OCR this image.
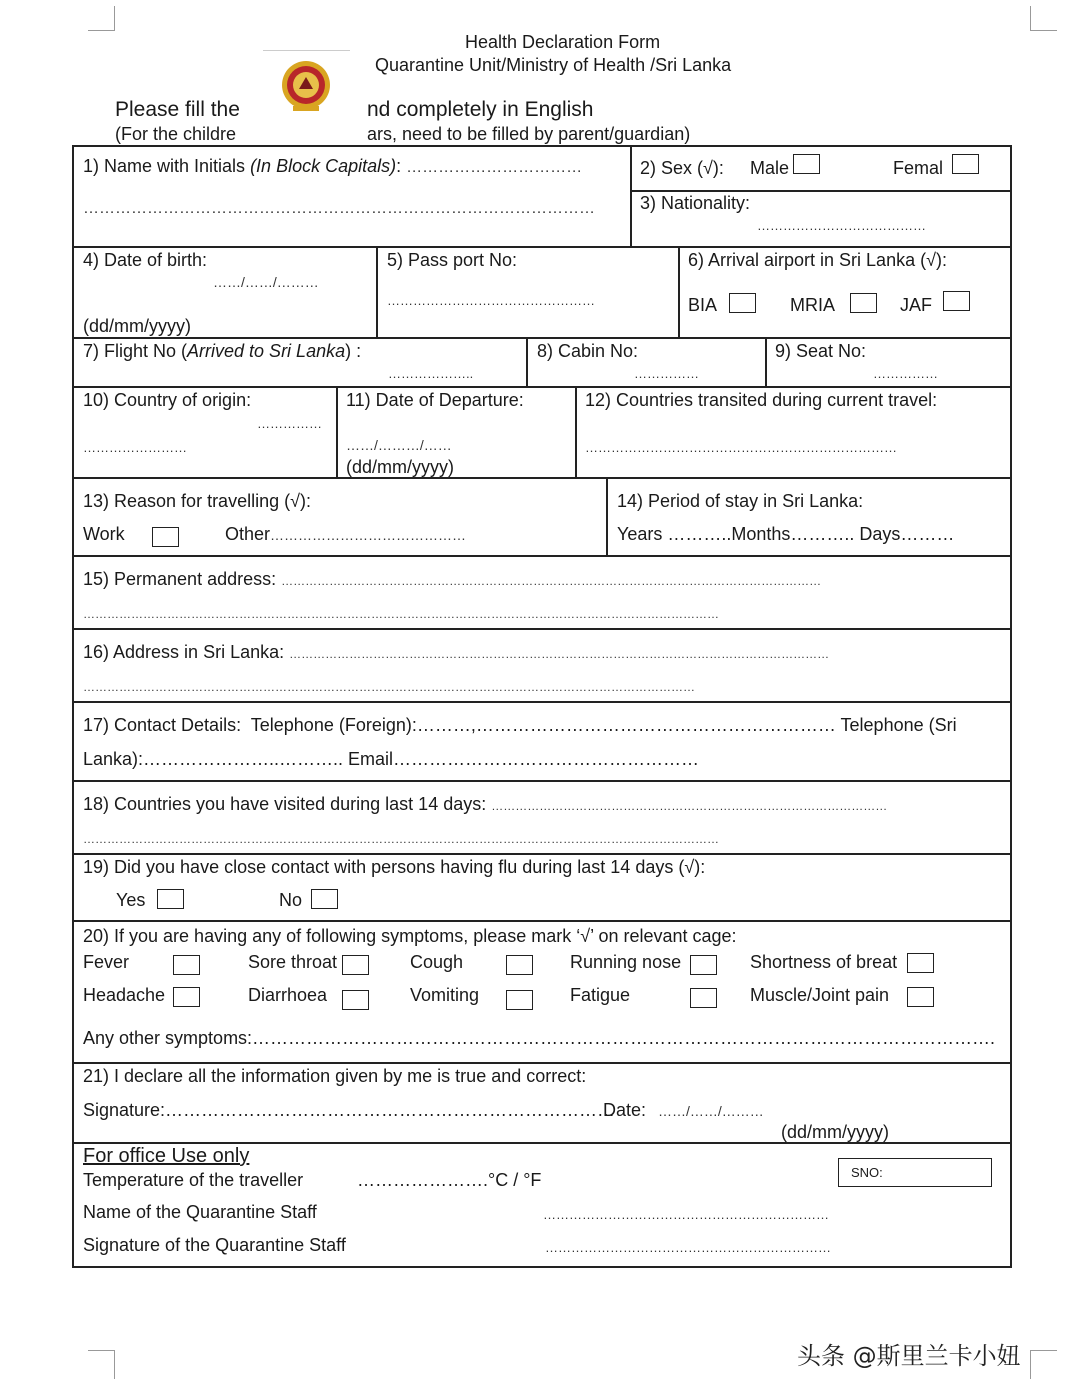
Health Declaration Form
Quarantine Unit/Ministry of Health /Sri Lanka
Please fill the	nd completely in English
(For the childre	ars, need to be filled by parent/guardian)
1) Name with Initials (In Block Capitals): ……………………………
……………………………………………………………………………………
2) Sex (√): Male	Femal
3) Nationality:
…………………………………
4) Date of birth:
……/……/………
(dd/mm/yyyy)
5) Pass port No:
…………………………………………
6) Arrival airport in Sri Lanka (√):
BIA	MRIA	JAF
7) Flight No (Arrived to Sri Lanka) :
………………..
8) Cabin No:
……………
9) Seat No:
……………
10) Country of origin:
……………
……………………
11) Date of Departure:
……/………/……
(dd/mm/yyyy)
12) Countries transited during current travel:
………………………………………………………………
13) Reason for travelling (√):
Work	Other……………………………………
14) Period of stay in Sri Lanka:
Years ………..Months……….. Days………
15) Permanent address: ………………………………………………………………………………………………………………………
……………………………………………………………………………………………………………………………………………
16) Address in Sri Lanka: ………………………………………………………………………………………………………………………
………………………………………………………………………………………………………………………………………
17) Contact Details: Telephone (Foreign):………,…………………………………………………… Telephone (Sri
Lanka):…………………..……….. Email……………………………………………
18) Countries you have visited during last 14 days: ………………………………………………………………………………………
……………………………………………………………………………………………………………………………………………
19) Did you have close contact with persons having flu during last 14 days (√):
Yes	No
20) If you are having any of following symptoms, please mark ‘√’ on relevant cage:
Fever	Sore throat	Cough	Running nose	Shortness of breat
Headache	Diarrhoea	Vomiting	Fatigue	Muscle/Joint pain
Any other symptoms:…………………………………………………………………………………………………………….
21) I declare all the information given by me is true and correct:
Signature:…………………………………………………………………
Date: ……/……/………
(dd/mm/yyyy)
For office Use only
Temperature of the traveller	………………….°C / °F	SNO:
Name of the Quarantine Staff	…………………………………………………………
Signature of the Quarantine Staff	…………………………………………………………
头条 @斯里兰卡小妞
